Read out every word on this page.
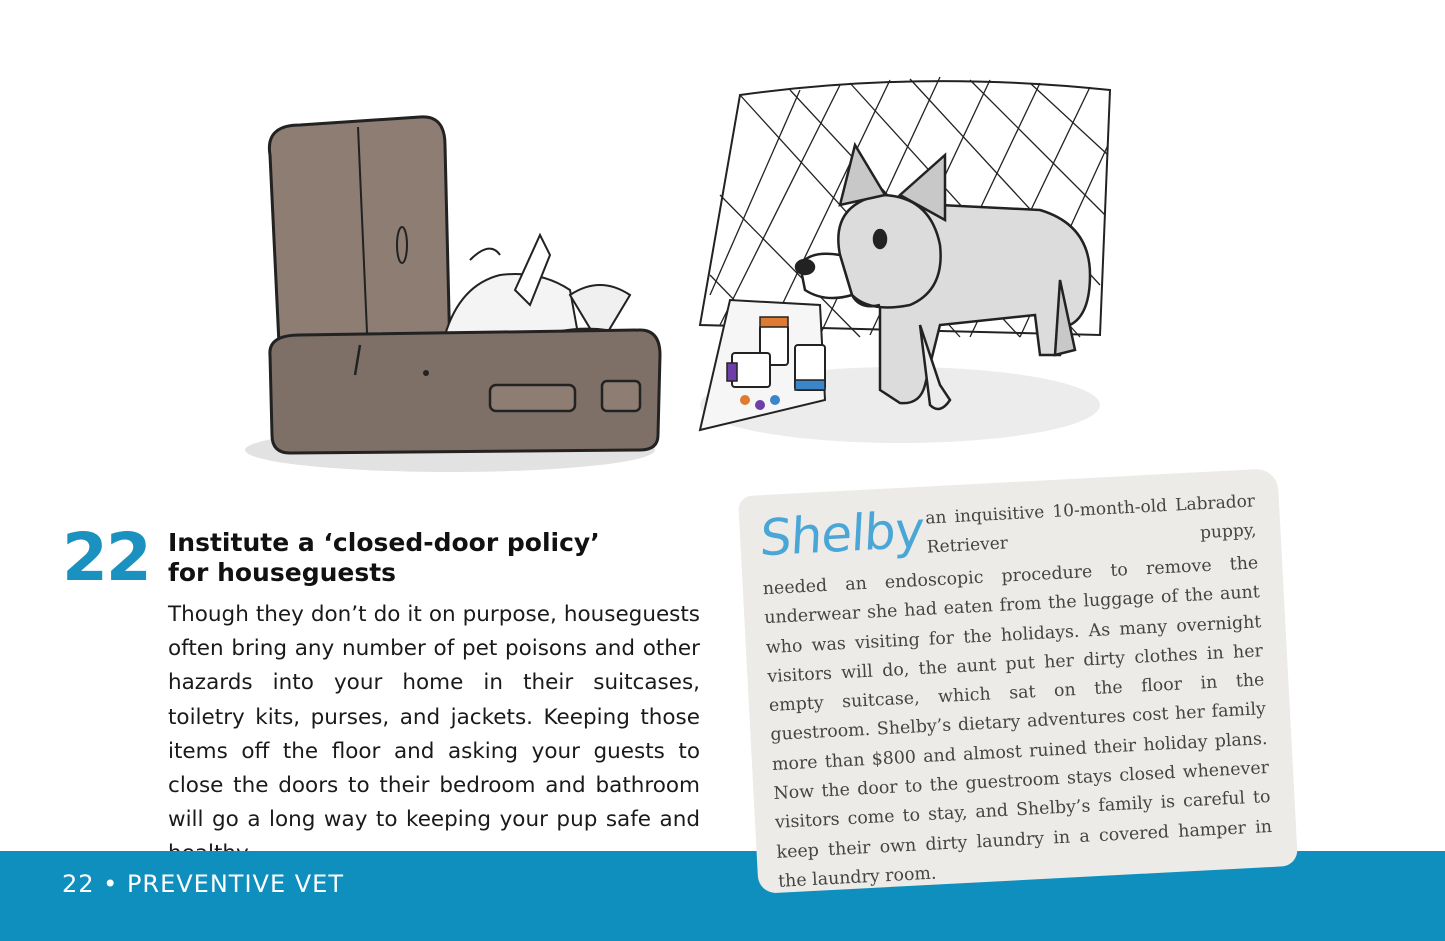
22 Institute a ‘closed-door policy’
for houseguests

Though they don’t do it on purpose, houseguests often bring any number of pet poisons and other hazards into your home in their suitcases, toiletry kits, purses, and jackets. Keeping those items off the floor and asking your guests to close the doors to their bedroom and bathroom will go a long way to keeping your pup safe and

22 • PREVENTIVE VET
Shelby an inquisitive 10-month-old Labrador Retriever puppy,

needed an endoscopic procedure to remove the underwear she had eaten from the luggage of the aunt who was visiting for the holidays. As many overnight visitors will do, the aunt put her dirty clothes in her empty suitcase, which sat on the floor in the guestroom. Shelby’s dietary adventures cost her family more than $800 and almost ruined their holiday plans. Now the door to the guestroom stays closed whenever visitors come to stay, and Shelby’s family is careful to keep their own dirty laundry in a covered hamper in the laundry room.
